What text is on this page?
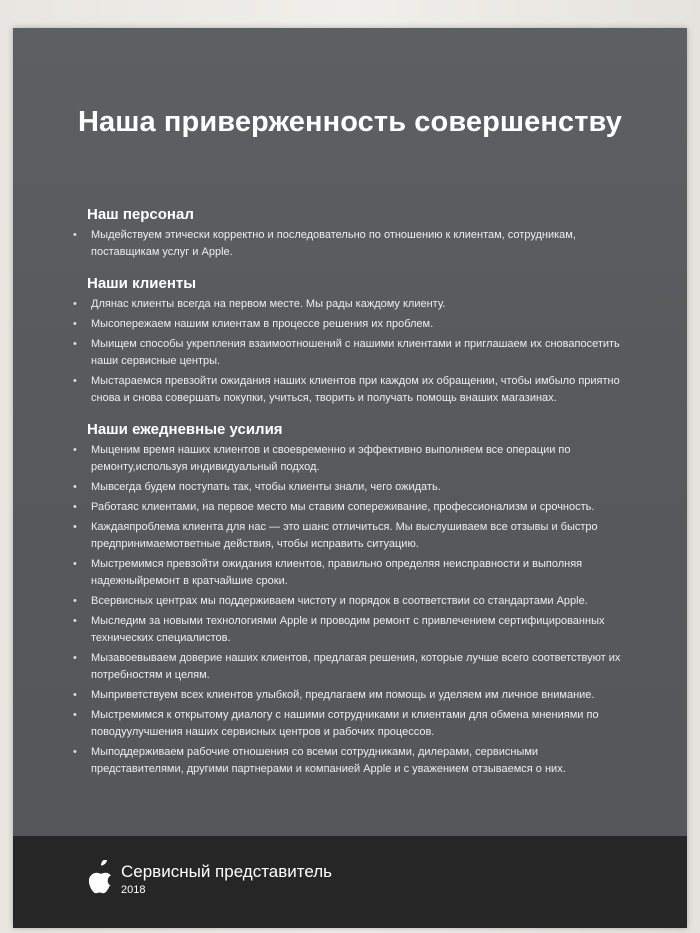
Наша приверженность совершенству
Наш персонал
• Мыдействуем этически корректно и последовательно по отношению к клиентам, сотрудникам, поставщикам услуг и Apple.
Наши клиенты
• Длянас клиенты всегда на первом месте. Мы рады каждому клиенту.
• Мысопережаем нашим клиентам в процессе решения их проблем.
• Мыищем способы укрепления взаимоотношений с нашими клиентами и приглашаем их сновапосетить наши сервисные центры.
• Мыстараемся превзойти ожидания наших клиентов при каждом их обращении, чтобы имбыло приятно снова и снова совершать покупки, учиться, творить и получать помощь внаших магазинах.
Наши ежедневные усилия
• Мыценим время наших клиентов и своевременно и эффективно выполняем все операции по ремонту,используя индивидуальный подход.
• Мывсегда будем поступать так, чтобы клиенты знали, чего ожидать.
• Работаяс клиентами, на первое место мы ставим сопереживание, профессионализм и срочность.
• Каждаяпроблема клиента для нас — это шанс отличиться. Мы выслушиваем все отзывы и быстро предпринимаемответные действия, чтобы исправить ситуацию.
• Мыстремимся превзойти ожидания клиентов, правильно определяя неисправности и выполняя надежныйремонт в кратчайшие сроки.
• Всервисных центрах мы поддерживаем чистоту и порядок в соответствии со стандартами Apple.
• Мыследим за новыми технологиями Apple и проводим ремонт с привлечением сертифицированных технических специалистов.
• Мызавоевываем доверие наших клиентов, предлагая решения, которые лучше всего соответствуют их потребностям и целям.
• Мыприветствуем всех клиентов улыбкой, предлагаем им помощь и уделяем им личное внимание.
• Мыстремимся к открытому диалогу с нашими сотрудниками и клиентами для обмена мнениями по поводуулучшения наших сервисных центров и рабочих процессов.
• Мыподдерживаем рабочие отношения со всеми сотрудниками, дилерами, сервисными представителями, другими партнерами и компанией Apple и с уважением отзываемся о них.
Сервисный представитель
2018
